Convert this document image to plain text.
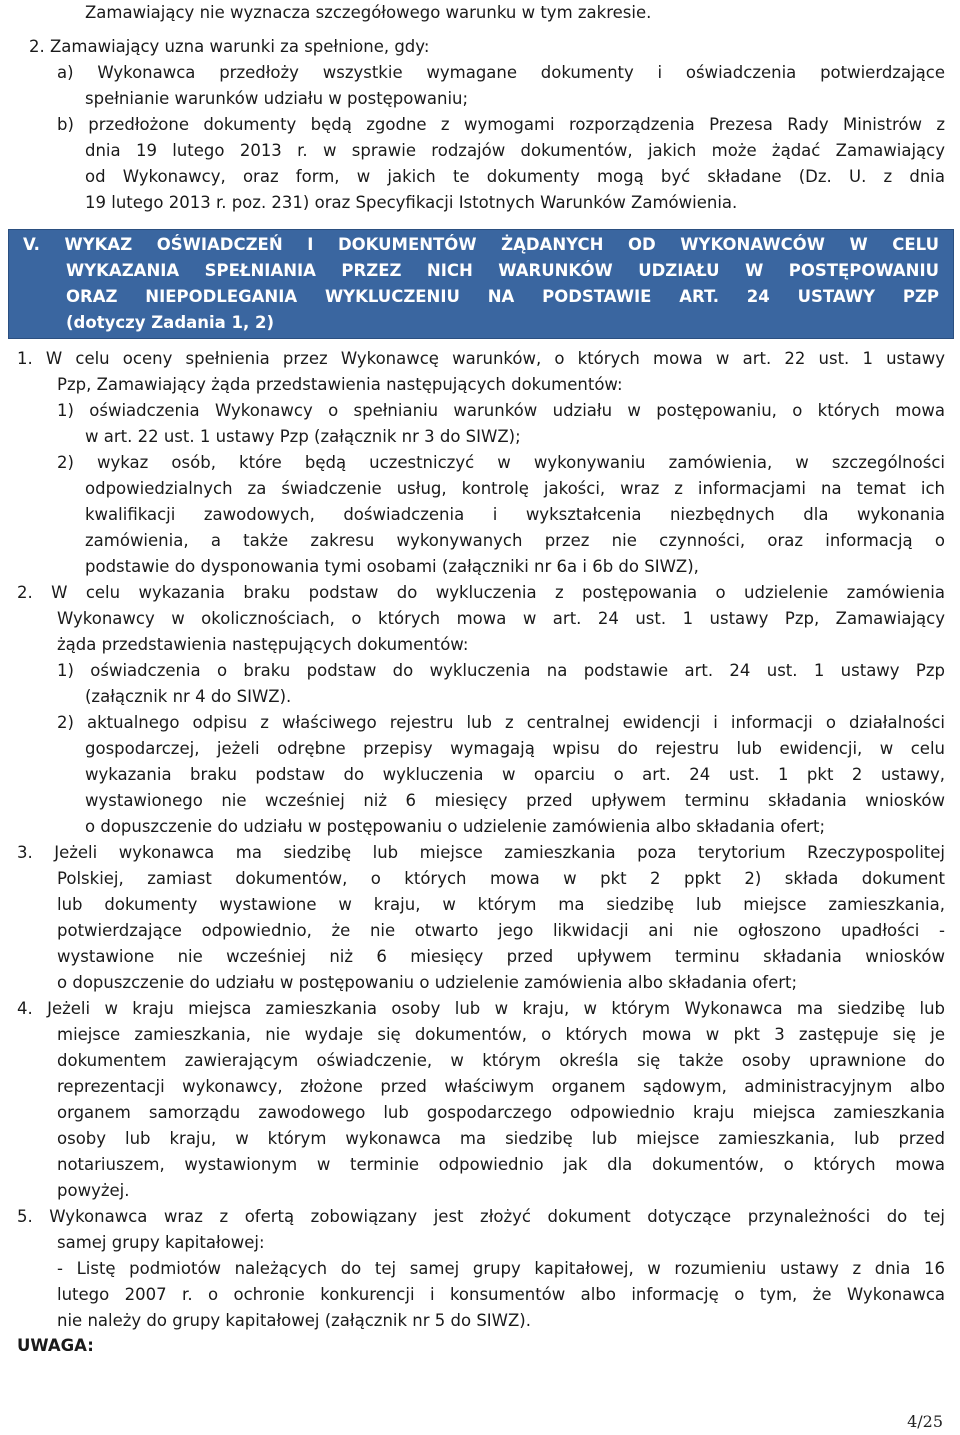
Zamawiający nie wyznacza szczegółowego warunku w tym zakresie.
2. Zamawiający uzna warunki za spełnione, gdy:
a) Wykonawca przedłoży wszystkie wymagane dokumenty i oświadczenia potwierdzające
spełnianie warunków udziału w postępowaniu;
b) przedłożone dokumenty będą zgodne z wymogami rozporządzenia Prezesa Rady Ministrów z
dnia 19 lutego 2013 r. w sprawie rodzajów dokumentów, jakich może żądać Zamawiający
od Wykonawcy, oraz form, w jakich te dokumenty mogą być składane (Dz. U. z dnia
19 lutego 2013 r. poz. 231) oraz Specyfikacji Istotnych Warunków Zamówienia.
V. WYKAZ OŚWIADCZEŃ I DOKUMENTÓW ŻĄDANYCH OD WYKONAWCÓW W CELU
WYKAZANIA SPEŁNIANIA PRZEZ NICH WARUNKÓW UDZIAŁU W POSTĘPOWANIU
ORAZ NIEPODLEGANIA WYKLUCZENIU NA PODSTAWIE ART. 24 USTAWY PZP
(dotyczy Zadania 1, 2)
1. W celu oceny spełnienia przez Wykonawcę warunków, o których mowa w art. 22 ust. 1 ustawy
Pzp, Zamawiający żąda przedstawienia następujących dokumentów:
1) oświadczenia Wykonawcy o spełnianiu warunków udziału w postępowaniu, o których mowa
w art. 22 ust. 1 ustawy Pzp (załącznik nr 3 do SIWZ);
2) wykaz osób, które będą uczestniczyć w wykonywaniu zamówienia, w szczególności
odpowiedzialnych za świadczenie usług, kontrolę jakości, wraz z informacjami na temat ich
kwalifikacji zawodowych, doświadczenia i wykształcenia niezbędnych dla wykonania
zamówienia, a także zakresu wykonywanych przez nie czynności, oraz informacją o
podstawie do dysponowania tymi osobami (załączniki nr 6a i 6b do SIWZ),
2. W celu wykazania braku podstaw do wykluczenia z postępowania o udzielenie zamówienia
Wykonawcy w okolicznościach, o których mowa w art. 24 ust. 1 ustawy Pzp, Zamawiający
żąda przedstawienia następujących dokumentów:
1) oświadczenia o braku podstaw do wykluczenia na podstawie art. 24 ust. 1 ustawy Pzp
(załącznik nr 4 do SIWZ).
2) aktualnego odpisu z właściwego rejestru lub z centralnej ewidencji i informacji o działalności
gospodarczej, jeżeli odrębne przepisy wymagają wpisu do rejestru lub ewidencji, w celu
wykazania braku podstaw do wykluczenia w oparciu o art. 24 ust. 1 pkt 2 ustawy,
wystawionego nie wcześniej niż 6 miesięcy przed upływem terminu składania wniosków
o dopuszczenie do udziału w postępowaniu o udzielenie zamówienia albo składania ofert;
3. Jeżeli wykonawca ma siedzibę lub miejsce zamieszkania poza terytorium Rzeczypospolitej
Polskiej, zamiast dokumentów, o których mowa w pkt 2 ppkt 2) składa dokument
lub dokumenty wystawione w kraju, w którym ma siedzibę lub miejsce zamieszkania,
potwierdzające odpowiednio, że nie otwarto jego likwidacji ani nie ogłoszono upadłości -
wystawione nie wcześniej niż 6 miesięcy przed upływem terminu składania wniosków
o dopuszczenie do udziału w postępowaniu o udzielenie zamówienia albo składania ofert;
4. Jeżeli w kraju miejsca zamieszkania osoby lub w kraju, w którym Wykonawca ma siedzibę lub
miejsce zamieszkania, nie wydaje się dokumentów, o których mowa w pkt 3 zastępuje się je
dokumentem zawierającym oświadczenie, w którym określa się także osoby uprawnione do
reprezentacji wykonawcy, złożone przed właściwym organem sądowym, administracyjnym albo
organem samorządu zawodowego lub gospodarczego odpowiednio kraju miejsca zamieszkania
osoby lub kraju, w którym wykonawca ma siedzibę lub miejsce zamieszkania, lub przed
notariuszem, wystawionym w terminie odpowiednio jak dla dokumentów, o których mowa
powyżej.
5. Wykonawca wraz z ofertą zobowiązany jest złożyć dokument dotyczące przynależności do tej
samej grupy kapitałowej:
- Listę podmiotów należących do tej samej grupy kapitałowej, w rozumieniu ustawy z dnia 16
lutego 2007 r. o ochronie konkurencji i konsumentów albo informację o tym, że Wykonawca
nie należy do grupy kapitałowej (załącznik nr 5 do SIWZ).
UWAGA:
4/25
